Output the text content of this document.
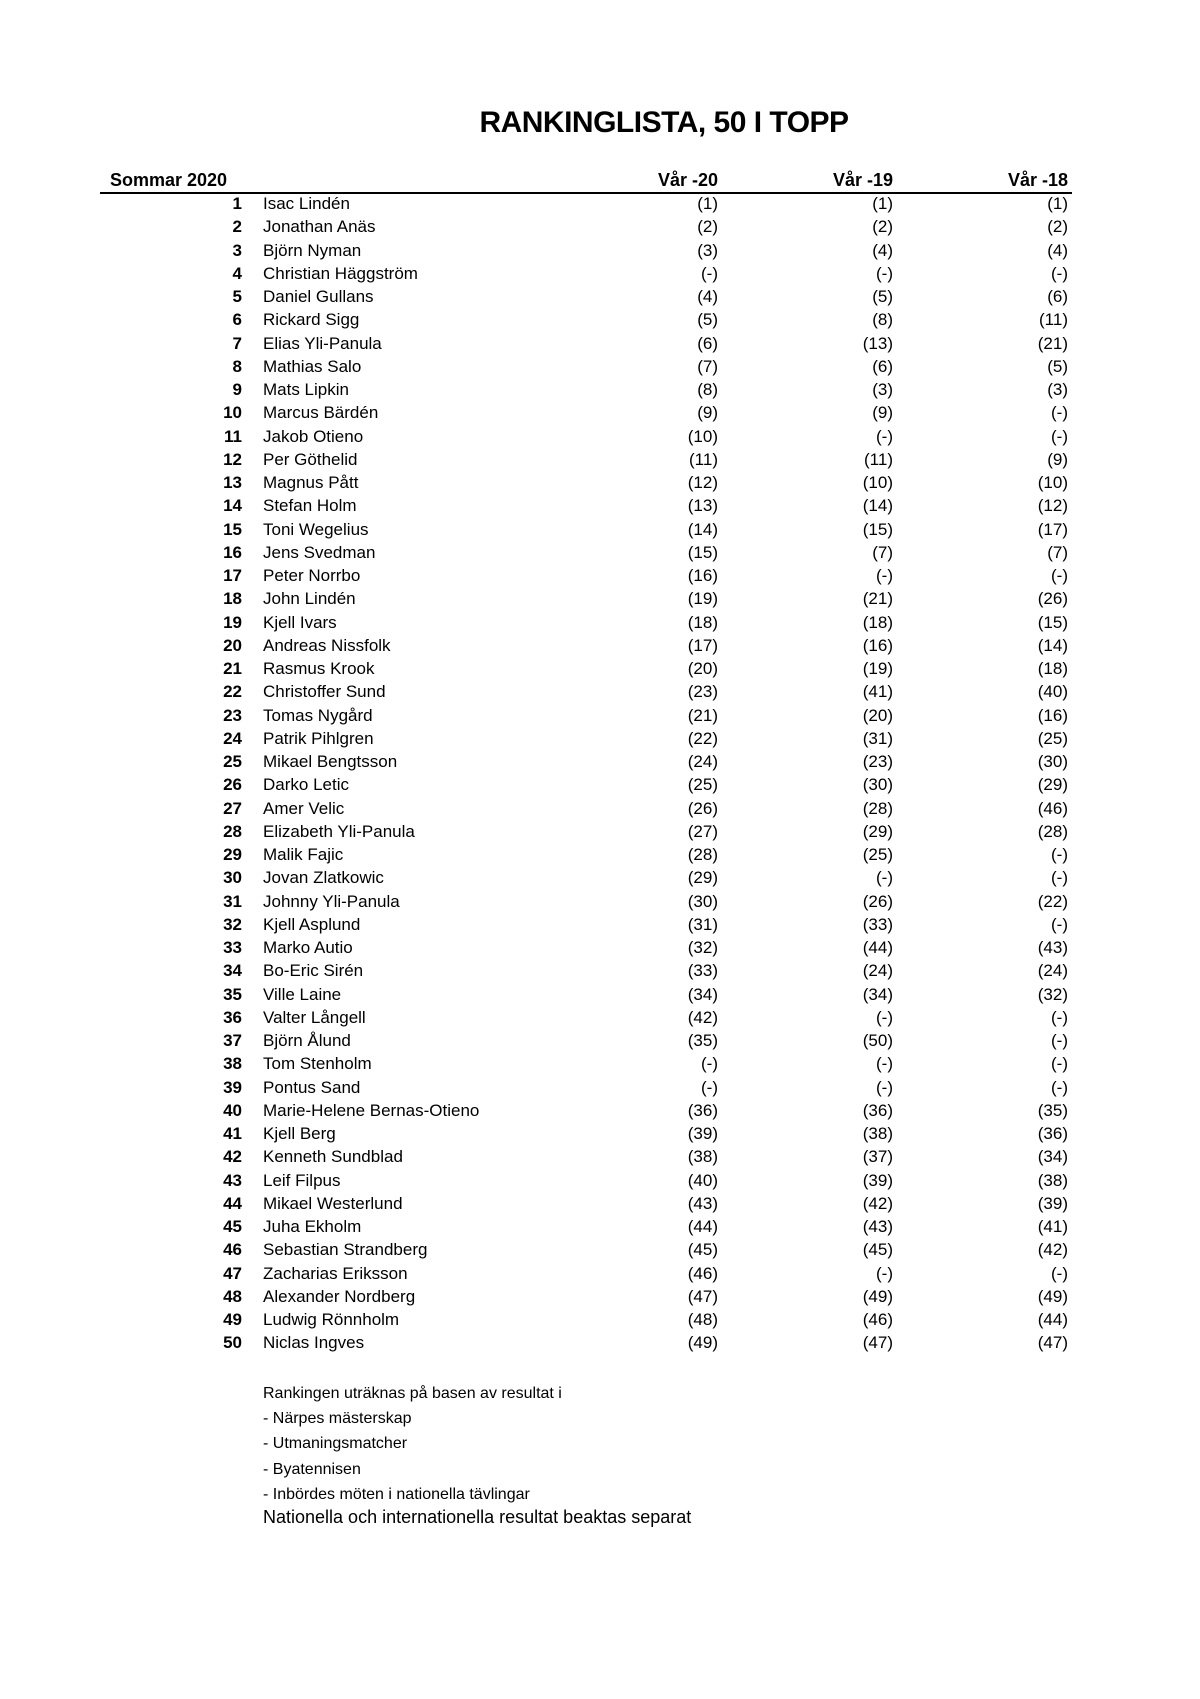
RANKINGLISTA, 50 I TOPP
Sommar 2020	Vår -20	Vår -19	Vår -18
1 Isac Lindén	(1)	(1)	(1)
2 Jonathan Anäs	(2)	(2)	(2)
3 Björn Nyman	(3)	(4)	(4)
4 Christian Häggström	(-)	(-)	(-)
5 Daniel Gullans	(4)	(5)	(6)
6 Rickard Sigg	(5)	(8)	(11)
7 Elias Yli-Panula	(6)	(13)	(21)
8 Mathias Salo	(7)	(6)	(5)
9 Mats Lipkin	(8)	(3)	(3)
10 Marcus Bärdén	(9)	(9)	(-)
11 Jakob Otieno	(10)	(-)	(-)
12 Per Göthelid	(11)	(11)	(9)
13 Magnus Pått	(12)	(10)	(10)
14 Stefan Holm	(13)	(14)	(12)
15 Toni Wegelius	(14)	(15)	(17)
16 Jens Svedman	(15)	(7)	(7)
17 Peter Norrbo	(16)	(-)	(-)
18 John Lindén	(19)	(21)	(26)
19 Kjell Ivars	(18)	(18)	(15)
20 Andreas Nissfolk	(17)	(16)	(14)
21 Rasmus Krook	(20)	(19)	(18)
22 Christoffer Sund	(23)	(41)	(40)
23 Tomas Nygård	(21)	(20)	(16)
24 Patrik Pihlgren	(22)	(31)	(25)
25 Mikael Bengtsson	(24)	(23)	(30)
26 Darko Letic	(25)	(30)	(29)
27 Amer Velic	(26)	(28)	(46)
28 Elizabeth Yli-Panula	(27)	(29)	(28)
29 Malik Fajic	(28)	(25)	(-)
30 Jovan Zlatkowic	(29)	(-)	(-)
31 Johnny Yli-Panula	(30)	(26)	(22)
32 Kjell Asplund	(31)	(33)	(-)
33 Marko Autio	(32)	(44)	(43)
34 Bo-Eric Sirén	(33)	(24)	(24)
35 Ville Laine	(34)	(34)	(32)
36 Valter Långell	(42)	(-)	(-)
37 Björn Ålund	(35)	(50)	(-)
38 Tom Stenholm	(-)	(-)	(-)
39 Pontus Sand	(-)	(-)	(-)
40 Marie-Helene Bernas-Otieno	(36)	(36)	(35)
41 Kjell Berg	(39)	(38)	(36)
42 Kenneth Sundblad	(38)	(37)	(34)
43 Leif Filpus	(40)	(39)	(38)
44 Mikael Westerlund	(43)	(42)	(39)
45 Juha Ekholm	(44)	(43)	(41)
46 Sebastian Strandberg	(45)	(45)	(42)
47 Zacharias Eriksson	(46)	(-)	(-)
48 Alexander Nordberg	(47)	(49)	(49)
49 Ludwig Rönnholm	(48)	(46)	(44)
50 Niclas Ingves	(49)	(47)	(47)
Rankingen uträknas på basen av resultat i
- Närpes mästerskap
- Utmaningsmatcher
- Byatennisen
- Inbördes möten i nationella tävlingar
Nationella och internationella resultat beaktas separat
